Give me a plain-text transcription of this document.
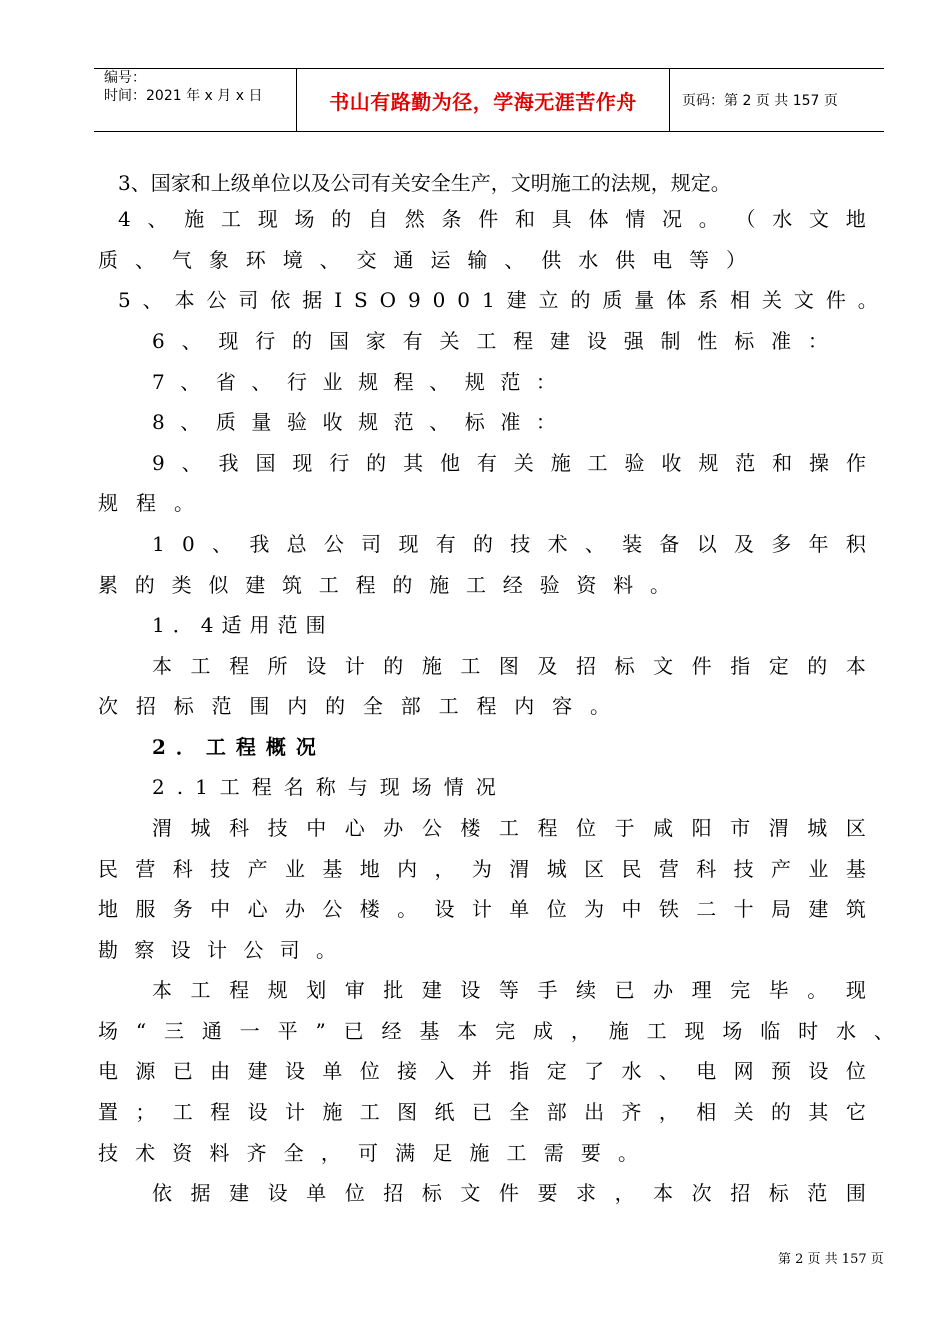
编号：
时间：2021 年 x 月 x 日	书山有路勤为径，学海无涯苦作舟	页码：第 2 页 共 157 页
3、国家和上级单位以及公司有关安全生产，文明施工的法规，规定。
4 、 施 工 现 场 的 自 然 条 件 和 具 体 情 况 。 （ 水 文 地
质 、 气 象 环 境 、 交 通 运 输 、 供 水 供 电 等 ）
5 、 本 公 司 依 据 I S O 9 0 0 1 建 立 的 质 量 体 系 相 关 文 件 。
6 、 现 行 的 国 家 有 关 工 程 建 设 强 制 性 标 准 ：
7 、 省 、 行 业 规 程 、 规 范 ：
8 、 质 量 验 收 规 范 、 标 准 ：
9 、 我 国 现 行 的 其 他 有 关 施 工 验 收 规 范 和 操 作
规 程 。
1 0 、 我 总 公 司 现 有 的 技 术 、 装 备 以 及 多 年 积
累 的 类 似 建 筑 工 程 的 施 工 经 验 资 料 。
1．4适用范围
本 工 程 所 设 计 的 施 工 图 及 招 标 文 件 指 定 的 本
次 招 标 范 围 内 的 全 部 工 程 内 容 。
2．工程概况
2.1工程名称与现场情况
渭 城 科 技 中 心 办 公 楼 工 程 位 于 咸 阳 市 渭 城 区
民 营 科 技 产 业 基 地 内 ， 为 渭 城 区 民 营 科 技 产 业 基
地 服 务 中 心 办 公 楼 。 设 计 单 位 为 中 铁 二 十 局 建 筑
勘 察 设 计 公 司 。
本 工 程 规 划 审 批 建 设 等 手 续 已 办 理 完 毕 。 现
场 “ 三 通 一 平 ” 已 经 基 本 完 成 ， 施 工 现 场 临 时 水 、
电 源 已 由 建 设 单 位 接 入 并 指 定 了 水 、 电 网 预 设 位
置 ； 工 程 设 计 施 工 图 纸 已 全 部 出 齐 ， 相 关 的 其 它
技 术 资 料 齐 全 ， 可 满 足 施 工 需 要 。
依 据 建 设 单 位 招 标 文 件 要 求 ， 本 次 招 标 范 围
第 2 页 共 157 页
